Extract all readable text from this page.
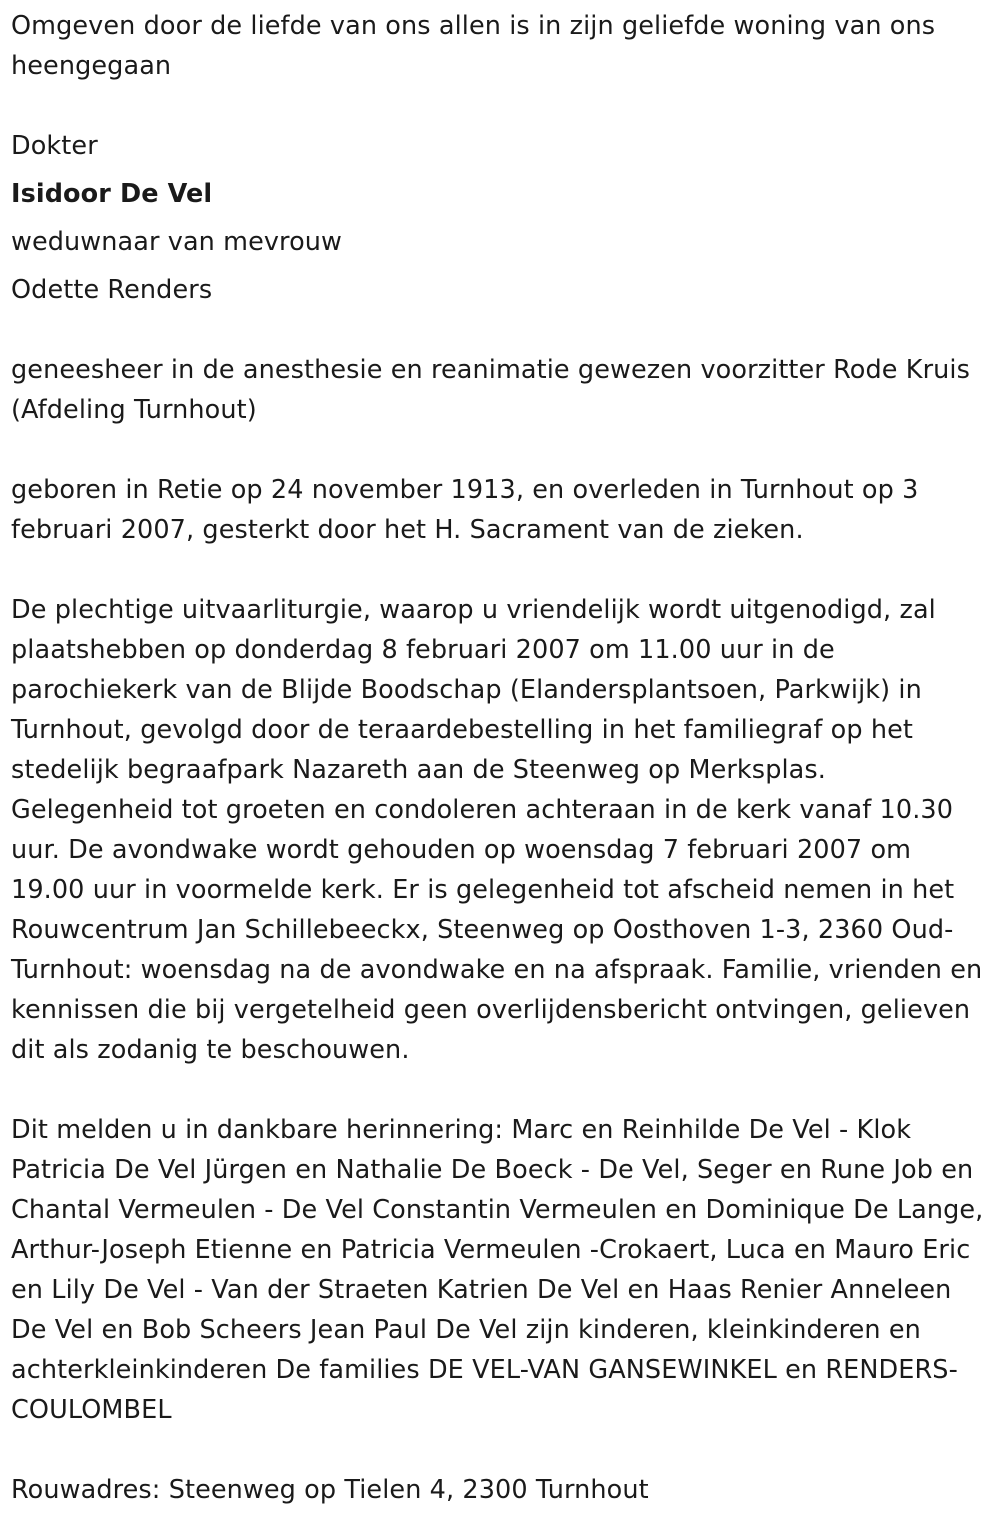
Omgeven door de liefde van ons allen is in zijn geliefde woning van ons heengegaan

Dokter

Isidoor De Vel

weduwnaar van mevrouw

Odette Renders

geneesheer in de anesthesie en reanimatie gewezen voorzitter Rode Kruis (Afdeling Turnhout)

geboren in Retie op 24 november 1913, en overleden in Turnhout op 3 februari 2007, gesterkt door het H. Sacrament van de zieken.

De plechtige uitvaarliturgie, waarop u vriendelijk wordt uitgenodigd, zal plaatshebben op donderdag 8 februari 2007 om 11.00 uur in de parochiekerk van de Blijde Boodschap (Elandersplantsoen, Parkwijk) in Turnhout, gevolgd door de teraardebestelling in het familiegraf op het stedelijk begraafpark Nazareth aan de Steenweg op Merksplas. Gelegenheid tot groeten en condoleren achteraan in de kerk vanaf 10.30 uur. De avondwake wordt gehouden op woensdag 7 februari 2007 om 19.00 uur in voormelde kerk. Er is gelegenheid tot afscheid nemen in het Rouwcentrum Jan Schillebeeckx, Steenweg op Oosthoven 1-3, 2360 Oud-Turnhout: woensdag na de avondwake en na afspraak. Familie, vrienden en kennissen die bij vergetelheid geen overlijdensbericht ontvingen, gelieven dit als zodanig te beschouwen.

Dit melden u in dankbare herinnering: Marc en Reinhilde De Vel - Klok Patricia De Vel Jürgen en Nathalie De Boeck - De Vel, Seger en Rune Job en Chantal Vermeulen - De Vel Constantin Vermeulen en Dominique De Lange, Arthur-Joseph Etienne en Patricia Vermeulen -Crokaert, Luca en Mauro Eric en Lily De Vel - Van der Straeten Katrien De Vel en Haas Renier Anneleen De Vel en Bob Scheers Jean Paul De Vel zijn kinderen, kleinkinderen en achterkleinkinderen De families DE VEL-VAN GANSEWINKEL en RENDERS-COULOMBEL

Rouwadres: Steenweg op Tielen 4, 2300 Turnhout
